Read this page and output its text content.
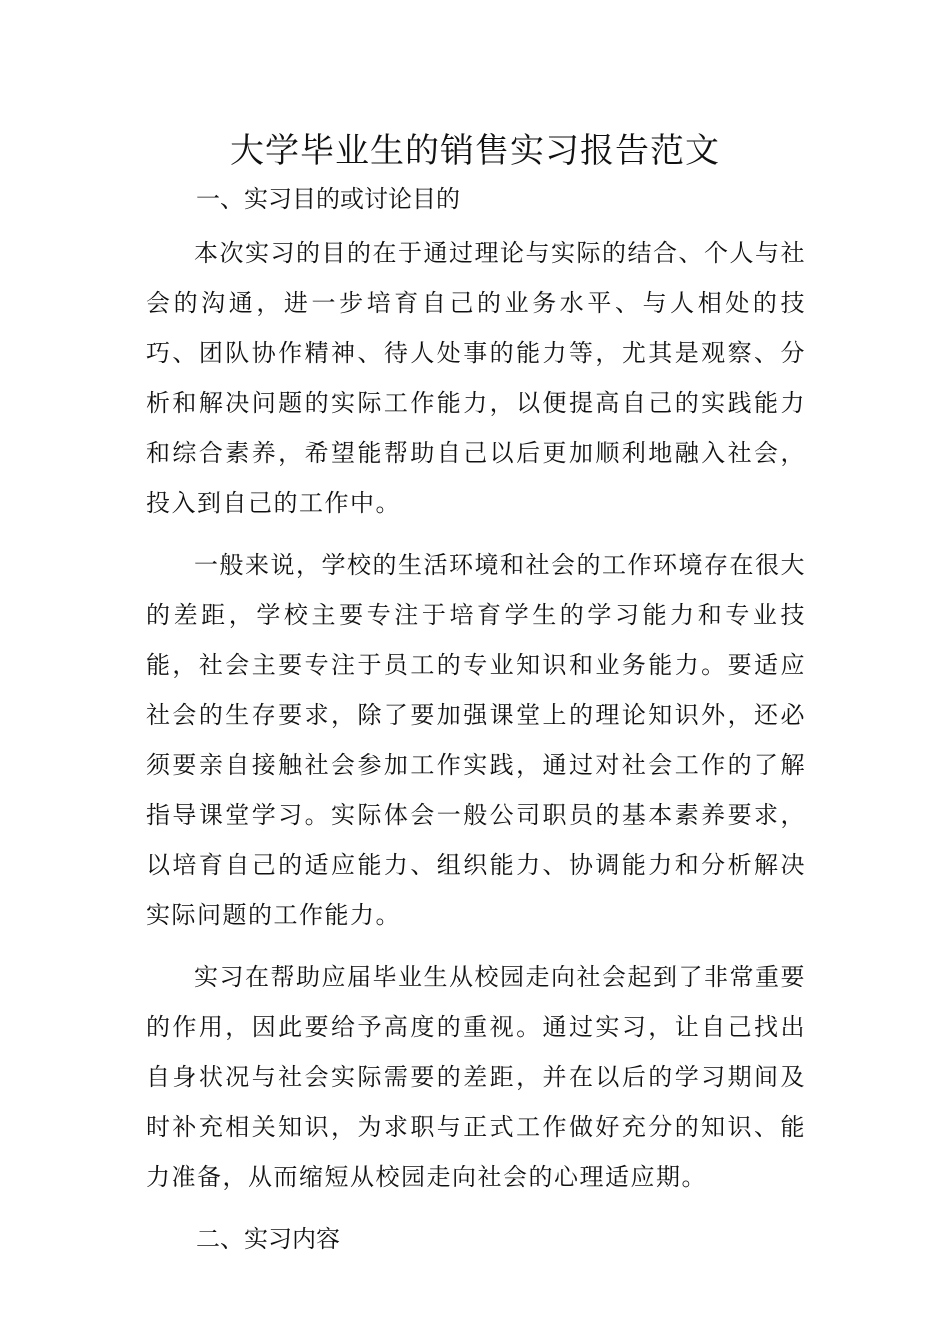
大学毕业生的销售实习报告范文

一、实习目的或讨论目的

本次实习的目的在于通过理论与实际的结合、个人与社会的沟通，进一步培育自己的业务水平、与人相处的技巧、团队协作精神、待人处事的能力等，尤其是观察、分析和解决问题的实际工作能力，以便提高自己的实践能力和综合素养，希望能帮助自己以后更加顺利地融入社会，投入到自己的工作中。

一般来说，学校的生活环境和社会的工作环境存在很大的差距，学校主要专注于培育学生的学习能力和专业技能，社会主要专注于员工的专业知识和业务能力。要适应社会的生存要求，除了要加强课堂上的理论知识外，还必须要亲自接触社会参加工作实践，通过对社会工作的了解指导课堂学习。实际体会一般公司职员的基本素养要求，以培育自己的适应能力、组织能力、协调能力和分析解决实际问题的工作能力。

实习在帮助应届毕业生从校园走向社会起到了非常重要的作用，因此要给予高度的重视。通过实习，让自己找出自身状况与社会实际需要的差距，并在以后的学习期间及时补充相关知识，为求职与正式工作做好充分的知识、能力准备，从而缩短从校园走向社会的心理适应期。

二、实习内容
